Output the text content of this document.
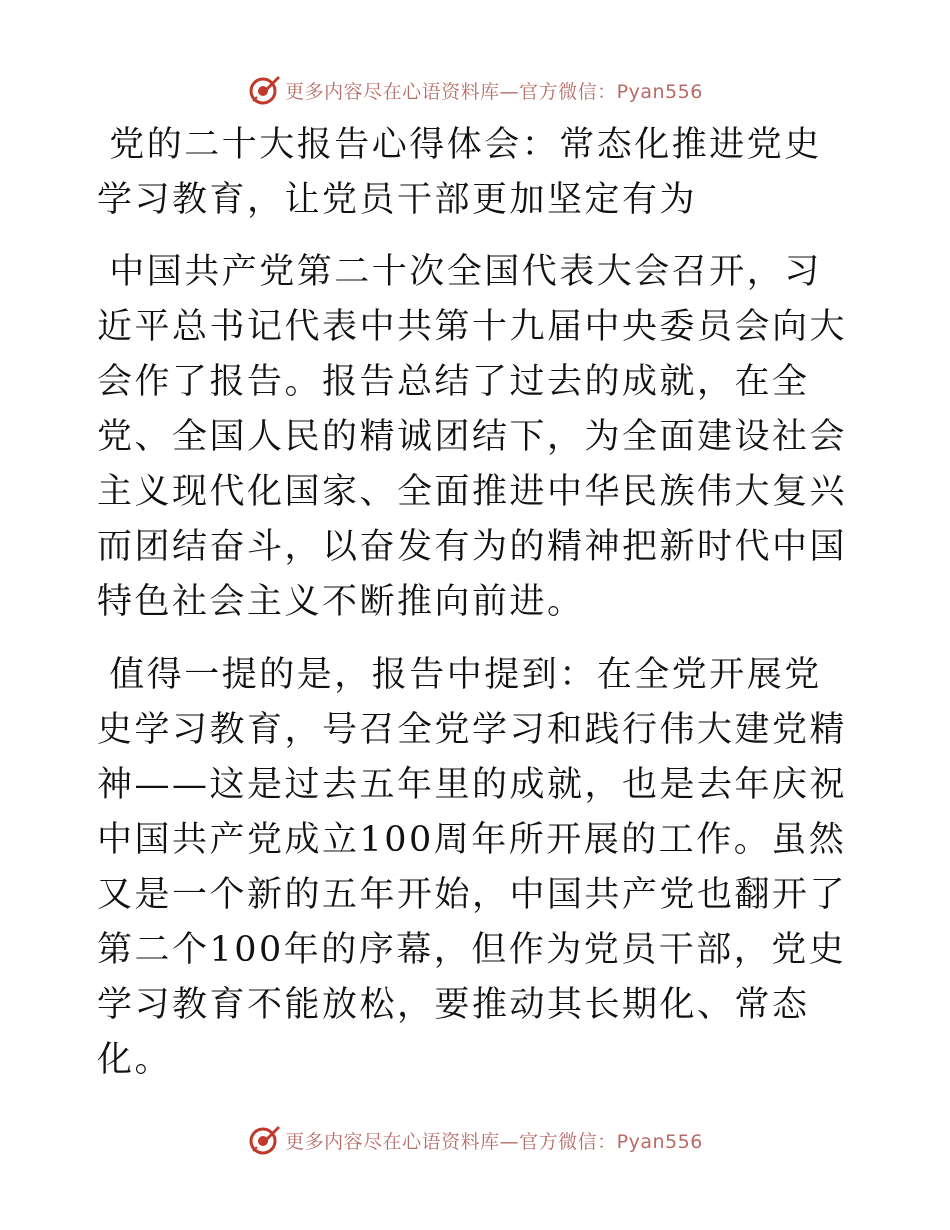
更多内容尽在心语资料库—官方微信：Pyan556

党的二十大报告心得体会：常态化推进党史学习教育，让党员干部更加坚定有为

中国共产党第二十次全国代表大会召开，习近平总书记代表中共第十九届中央委员会向大会作了报告。报告总结了过去的成就，在全党、全国人民的精诚团结下，为全面建设社会主义现代化国家、全面推进中华民族伟大复兴而团结奋斗，以奋发有为的精神把新时代中国特色社会主义不断推向前进。

值得一提的是，报告中提到：在全党开展党史学习教育，号召全党学习和践行伟大建党精神——这是过去五年里的成就，也是去年庆祝中国共产党成立100周年所开展的工作。虽然又是一个新的五年开始，中国共产党也翻开了第二个100年的序幕，但作为党员干部，党史学习教育不能放松，要推动其长期化、常态化。

更多内容尽在心语资料库—官方微信：Pyan556
